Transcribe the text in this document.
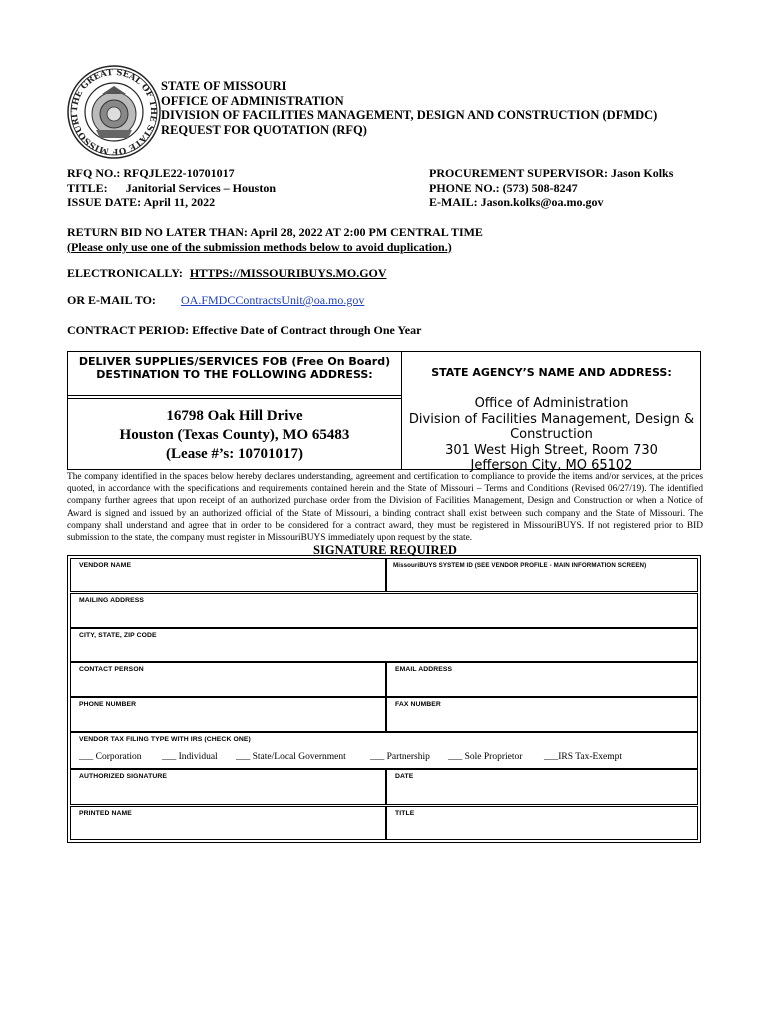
THE GREAT SEAL OF THE STATE OF MISSOURI
STATE OF MISSOURI
OFFICE OF ADMINISTRATION
DIVISION OF FACILITIES MANAGEMENT, DESIGN AND CONSTRUCTION (DFMDC)
REQUEST FOR QUOTATION (RFQ)
RFQ NO.: RFQJLE22-10701017
TITLE: Janitorial Services – Houston
ISSUE DATE: April 11, 2022
PROCUREMENT SUPERVISOR: Jason Kolks
PHONE NO.: (573) 508-8247
E-MAIL: Jason.kolks@oa.mo.gov
RETURN BID NO LATER THAN: April 28, 2022 AT 2:00 PM CENTRAL TIME
(Please only use one of the submission methods below to avoid duplication.)
ELECTRONICALLY: HTTPS://MISSOURIBUYS.MO.GOV
OR E-MAIL TO: OA.FMDCContractsUnit@oa.mo.gov
CONTRACT PERIOD: Effective Date of Contract through One Year
DELIVER SUPPLIES/SERVICES FOB (Free On Board) DESTINATION TO THE FOLLOWING ADDRESS:	STATE AGENCY’S NAME AND ADDRESS:
16798 Oak Hill Drive
Houston (Texas County), MO 65483
(Lease #’s: 10701017)
Office of Administration
Division of Facilities Management, Design &
Construction
301 West High Street, Room 730
Jefferson City, MO 65102
The company identified in the spaces below hereby declares understanding, agreement and certification to compliance to provide the items and/or services, at the prices quoted, in accordance with the specifications and requirements contained herein and the State of Missouri – Terms and Conditions (Revised 06/27/19). The identified company further agrees that upon receipt of an authorized purchase order from the Division of Facilities Management, Design and Construction or when a Notice of Award is signed and issued by an authorized official of the State of Missouri, a binding contract shall exist between such company and the State of Missouri. The company shall understand and agree that in order to be considered for a contract award, they must be registered in MissouriBUYS. If not registered prior to BID submission to the state, the company must register in MissouriBUYS immediately upon request by the state.
SIGNATURE REQUIRED
VENDOR NAME	MissouriBUYS SYSTEM ID (SEE VENDOR PROFILE - MAIN INFORMATION SCREEN)
MAILING ADDRESS
CITY, STATE, ZIP CODE
CONTACT PERSON	EMAIL ADDRESS
PHONE NUMBER	FAX NUMBER
VENDOR TAX FILING TYPE WITH IRS (CHECK ONE)
___ Corporation ___ Individual ___ State/Local Government	___ Partnership ___ Sole Proprietor ___IRS Tax-Exempt
AUTHORIZED SIGNATURE	DATE
PRINTED NAME	TITLE
